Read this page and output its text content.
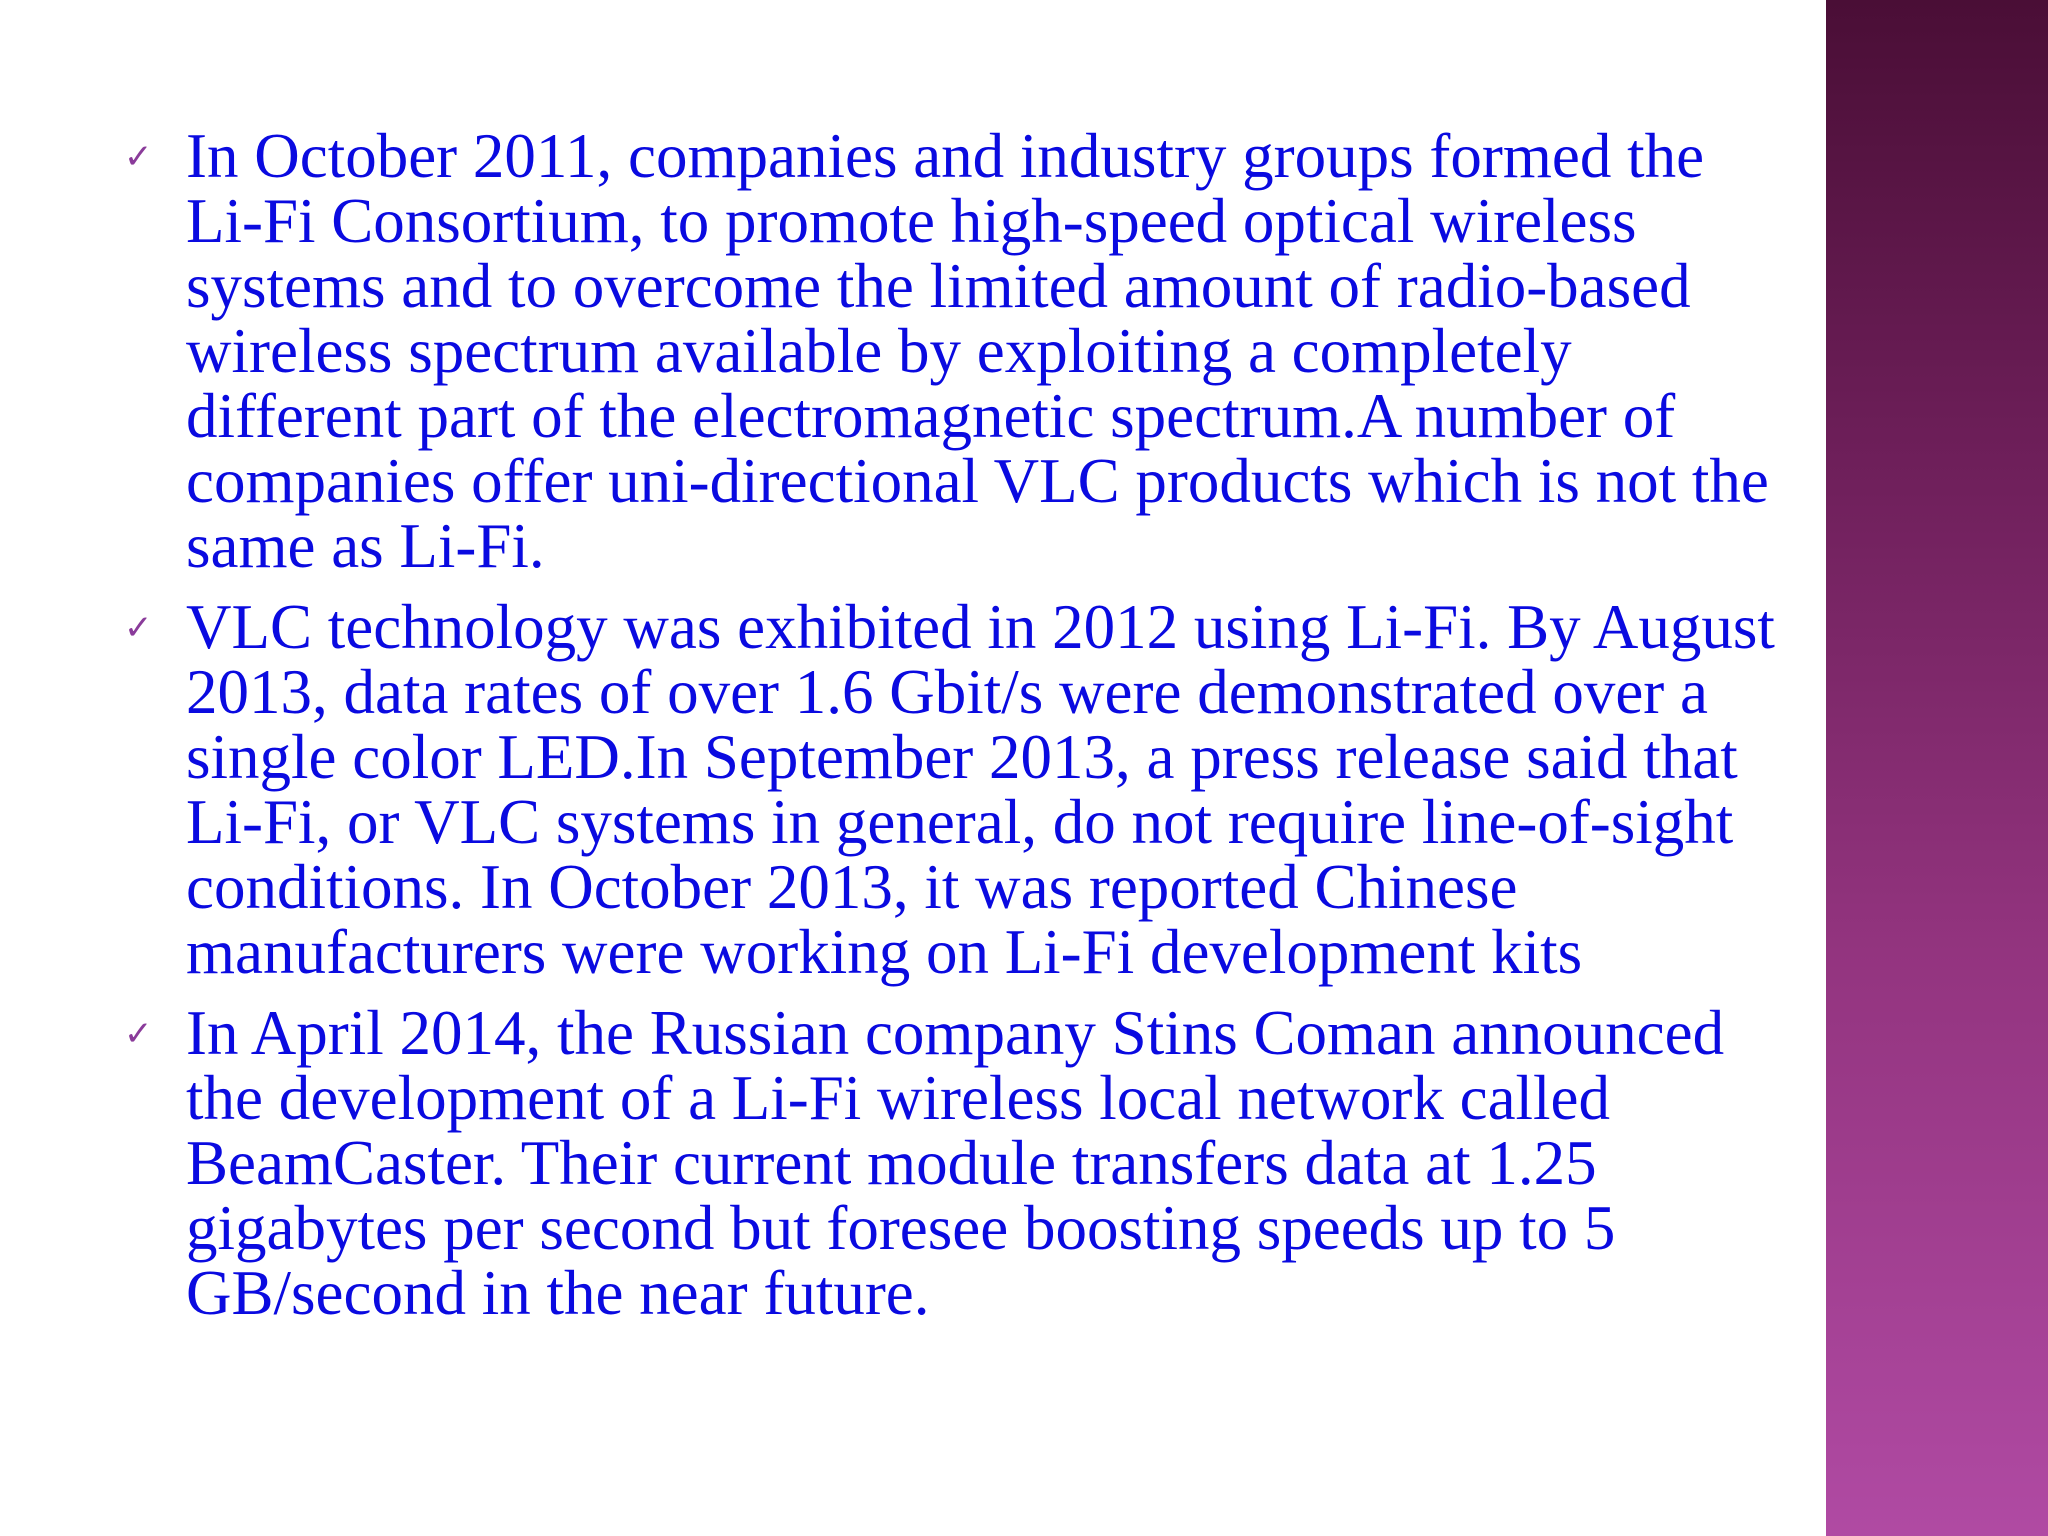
✓ In October 2011, companies and industry groups formed the
Li-Fi Consortium, to promote high-speed optical wireless
systems and to overcome the limited amount of radio-based
wireless spectrum available by exploiting a completely
different part of the electromagnetic spectrum.A number of
companies offer uni-directional VLC products which is not the
same as Li-Fi.
✓ VLC technology was exhibited in 2012 using Li-Fi. By August
2013, data rates of over 1.6 Gbit/s were demonstrated over a
single color LED.In September 2013, a press release said that
Li-Fi, or VLC systems in general, do not require line-of-sight
conditions. In October 2013, it was reported Chinese
manufacturers were working on Li-Fi development kits
✓ In April 2014, the Russian company Stins Coman announced
the development of a Li-Fi wireless local network called
BeamCaster. Their current module transfers data at 1.25
gigabytes per second but foresee boosting speeds up to 5
GB/second in the near future.
